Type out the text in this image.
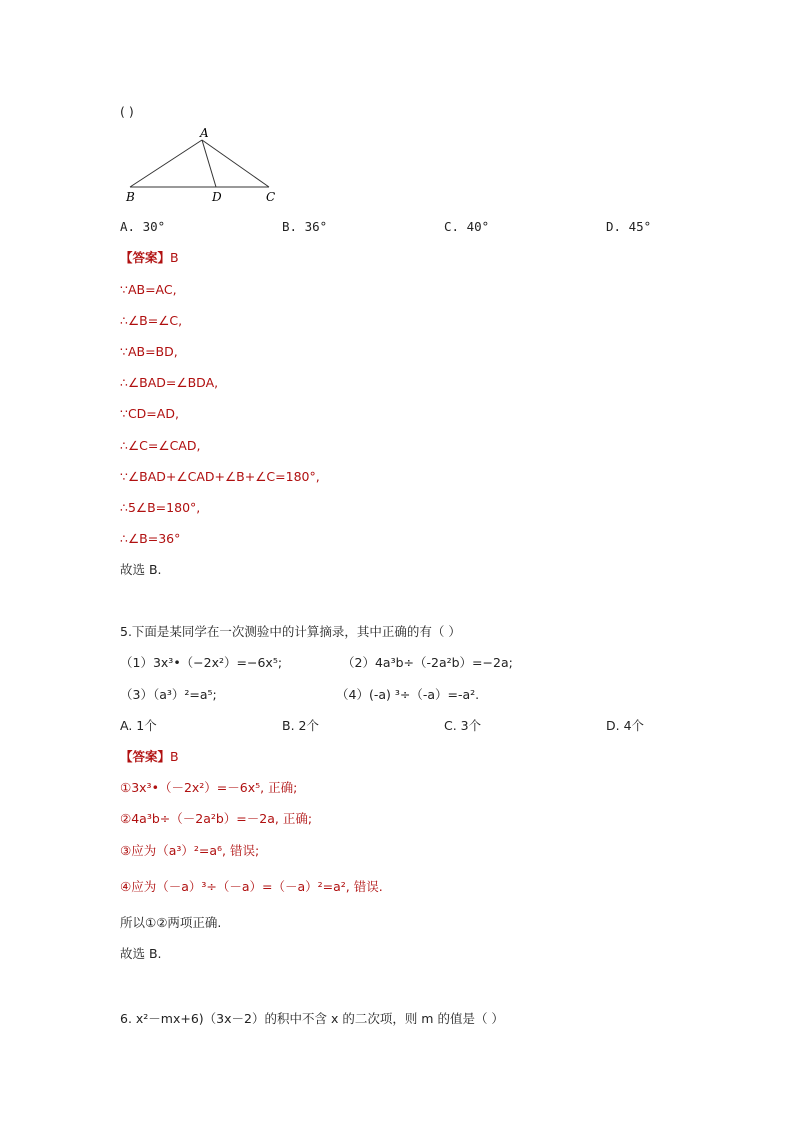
( )
A
B	D	C
A. 30°	B. 36°	C. 40°	D. 45°
【答案】B
∵AB=AC,
∴∠B=∠C,
∵AB=BD,
∴∠BAD=∠BDA,
∵CD=AD,
∴∠C=∠CAD,
∵∠BAD+∠CAD+∠B+∠C=180°,
∴5∠B=180°,
∴∠B=36°
故选 B.
5.下面是某同学在一次测验中的计算摘录，其中正确的有（ ）
（1）3x³•（−2x²）=−6x⁵;	（2）4a³b÷（-2a²b）=−2a;
（3）（a³）²=a⁵;	（4）(-a) ³÷（-a）=-a².
A. 1个	B. 2个	C. 3个	D. 4个
【答案】B
①3x³•（－2x²）=－6x⁵, 正确;
②4a³b÷（－2a²b）=－2a, 正确;
③应为（a³）²=a⁶, 错误;
④应为（－a）³÷（－a）=（－a）²=a², 错误.
所以①②两项正确.
故选 B.
6. x²－mx+6)（3x－2）的积中不含 x 的二次项，则 m 的值是（ ）
